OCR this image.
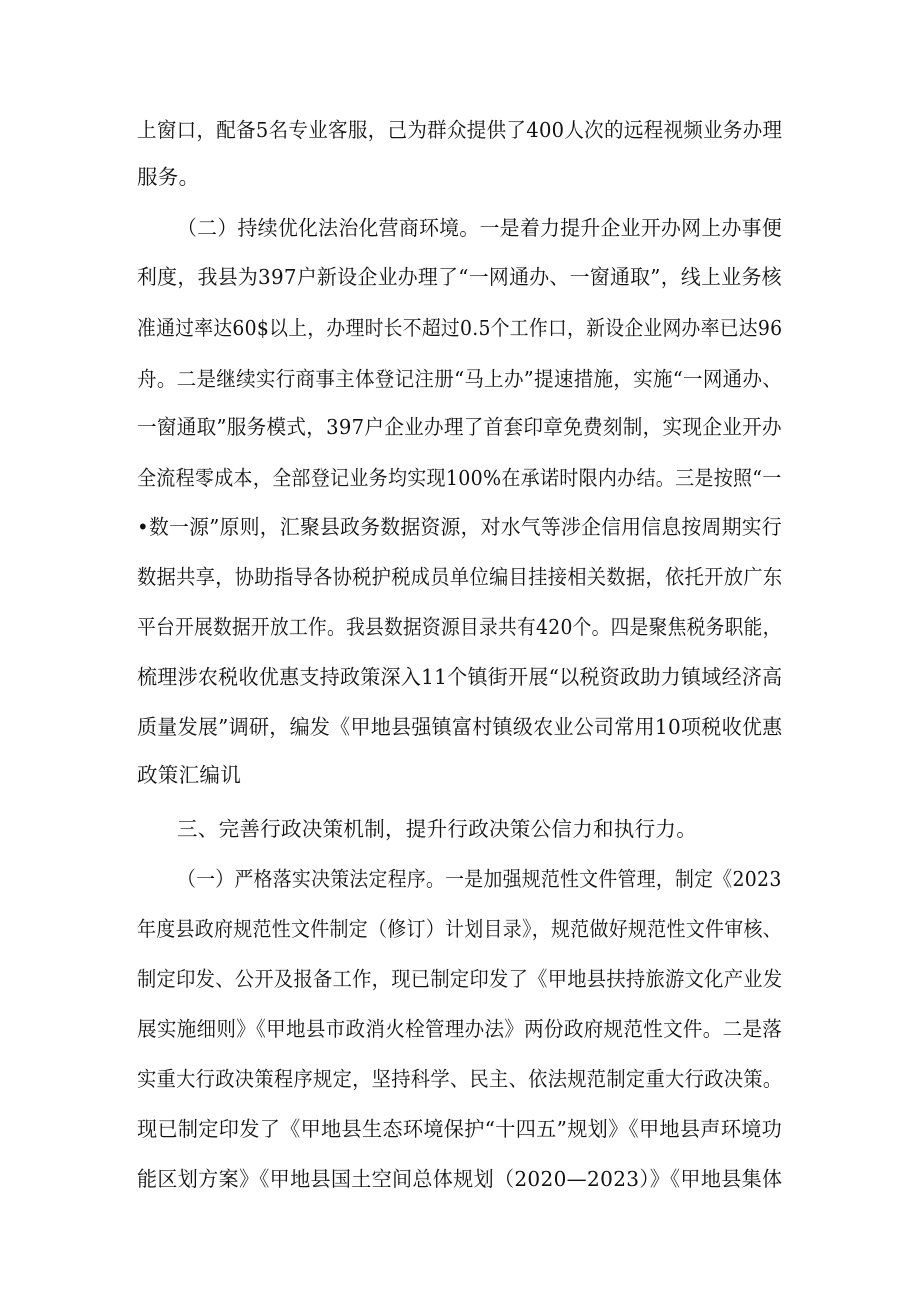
上窗口，配备5名专业客服，己为群众提供了400人次的远程视频业务办理
服务。
（二）持续优化法治化营商环境。一是着力提升企业开办网上办事便
利度，我县为397户新设企业办理了“一网通办、一窗通取”，线上业务核
准通过率达60$以上，办理时长不超过0.5个工作口，新设企业网办率已达96
舟。二是继续实行商事主体登记注册“马上办”提速措施，实施“一网通办、
一窗通取”服务模式，397户企业办理了首套印章免费刻制，实现企业开办
全流程零成本，全部登记业务均实现100%在承诺时限内办结。三是按照“一
•数一源”原则，汇聚县政务数据资源，对水气等涉企信用信息按周期实行
数据共享，协助指导各协税护税成员单位编目挂接相关数据，依托开放广东
平台开展数据开放工作。我县数据资源目录共有420个。四是聚焦税务职能，
梳理涉农税收优惠支持政策深入11个镇街开展“以税资政助力镇域经济高
质量发展”调研，编发《甲地县强镇富村镇级农业公司常用10项税收优惠
政策汇编讥
三、完善行政决策机制，提升行政决策公信力和执行力。
（一）严格落实决策法定程序。一是加强规范性文件管理，制定《2023
年度县政府规范性文件制定（修订）计划目录》，规范做好规范性文件审核、
制定印发、公开及报备工作，现已制定印发了《甲地县扶持旅游文化产业发
展实施细则》《甲地县市政消火栓管理办法》两份政府规范性文件。二是落
实重大行政决策程序规定，坚持科学、民主、依法规范制定重大行政决策。
现已制定印发了《甲地县生态环境保护“十四五”规划》《甲地县声环境功
能区划方案》《甲地县国土空间总体规划（2020—2023）》《甲地县集体
